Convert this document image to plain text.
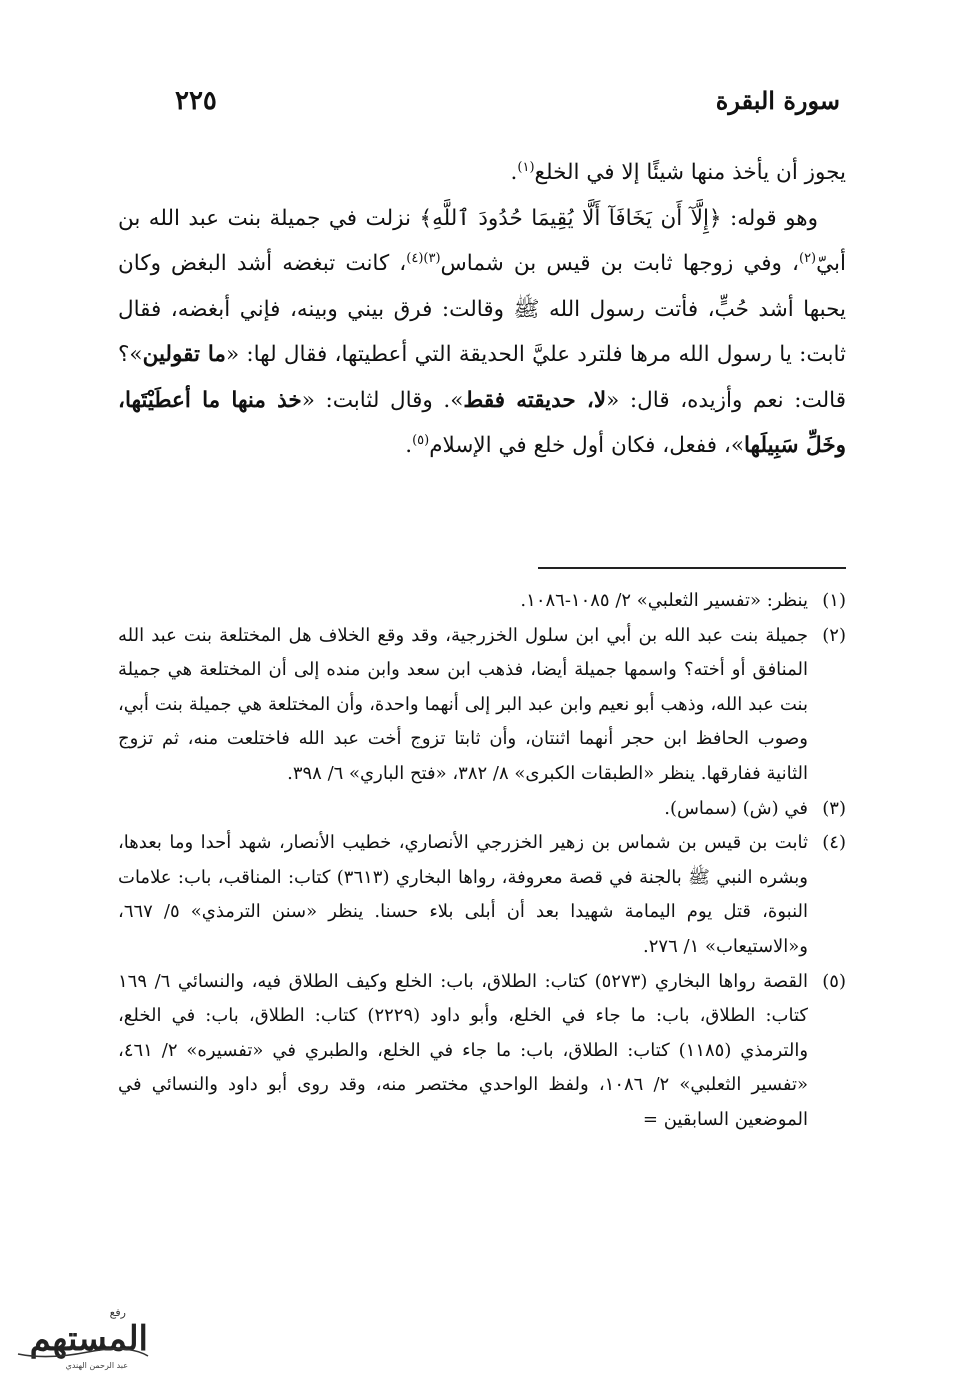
سورة البقرة
٢٢٥

يجوز أن يأخذ منها شيئًا إلا في الخلع$^{(١)}$.

وهو قوله: ﴿إِلَّآ أَن يَخَافَآ أَلَّا يُقِيمَا حُدُودَ ٱللَّهِ﴾ نزلت في جميلة بنت عبد الله بن أبيّ$^{(٢)}$، وفي زوجها ثابت بن قيس بن شماس$^{(٣)(٤)}$، كانت تبغضه أشد البغض وكان يحبها أشد حُبٍّ، فأتت رسول الله ﷺ وقالت: فرق بيني وبينه، فإني أبغضه، فقال ثابت: يا رسول الله مرها فلترد عليَّ الحديقة التي أعطيتها، فقال لها: «ما تقولين»؟ قالت: نعم وأزيده، قال: «لا، حديقته فقط». وقال لثابت: «خذ منها ما أعطَيْتَها، وخَلِّ سَبِيلَها»، ففعل، فكان أول خلع في الإسلام$^{(٥)}$.

(١)ينظر: «تفسير الثعلبي» ٢/ ١٠٨٥-١٠٨٦.

(٢)جميلة بنت عبد الله بن أبي ابن سلول الخزرجية، وقد وقع الخلاف هل المختلعة بنت عبد الله المنافق أو أخته؟ واسمها جميلة أيضا، فذهب ابن سعد وابن منده إلى أن المختلعة هي جميلة بنت عبد الله، وذهب أبو نعيم وابن عبد البر إلى أنهما واحدة، وأن المختلعة هي جميلة بنت أبي، وصوب الحافظ ابن حجر أنهما اثنتان، وأن ثابتا تزوج أخت عبد الله فاختلعت منه، ثم تزوج الثانية ففارقها. ينظر «الطبقات الكبرى» ٨/ ٣٨٢، «فتح الباري» ٦/ ٣٩٨.

(٣)في (ش) (سماس).

(٤)ثابت بن قيس بن شماس بن زهير الخزرجي الأنصاري، خطيب الأنصار، شهد أحدا وما بعدها، وبشره النبي ﷺ بالجنة في قصة معروفة، رواها البخاري (٣٦١٣) كتاب: المناقب، باب: علامات النبوة، قتل يوم اليمامة شهيدا بعد أن أبلى بلاء حسنا. ينظر «سنن الترمذي» ٥/ ٦٦٧، و«الاستيعاب» ١/ ٢٧٦.

(٥)القصة رواها البخاري (٥٢٧٣) كتاب: الطلاق، باب: الخلع وكيف الطلاق فيه، والنسائي ٦/ ١٦٩ كتاب: الطلاق، باب: ما جاء في الخلع، وأبو داود (٢٢٢٩) كتاب: الطلاق، باب: في الخلع، والترمذي (١١٨٥) كتاب: الطلاق، باب: ما جاء في الخلع، والطبري في «تفسيره» ٢/ ٤٦١، «تفسير الثعلبي» ٢/ ١٠٨٦، ولفظ الواحدي مختصر منه، وقد روى أبو داود والنسائي في الموضعين السابقين =

رفع
المستهم
عبد الرحمن الهندي
